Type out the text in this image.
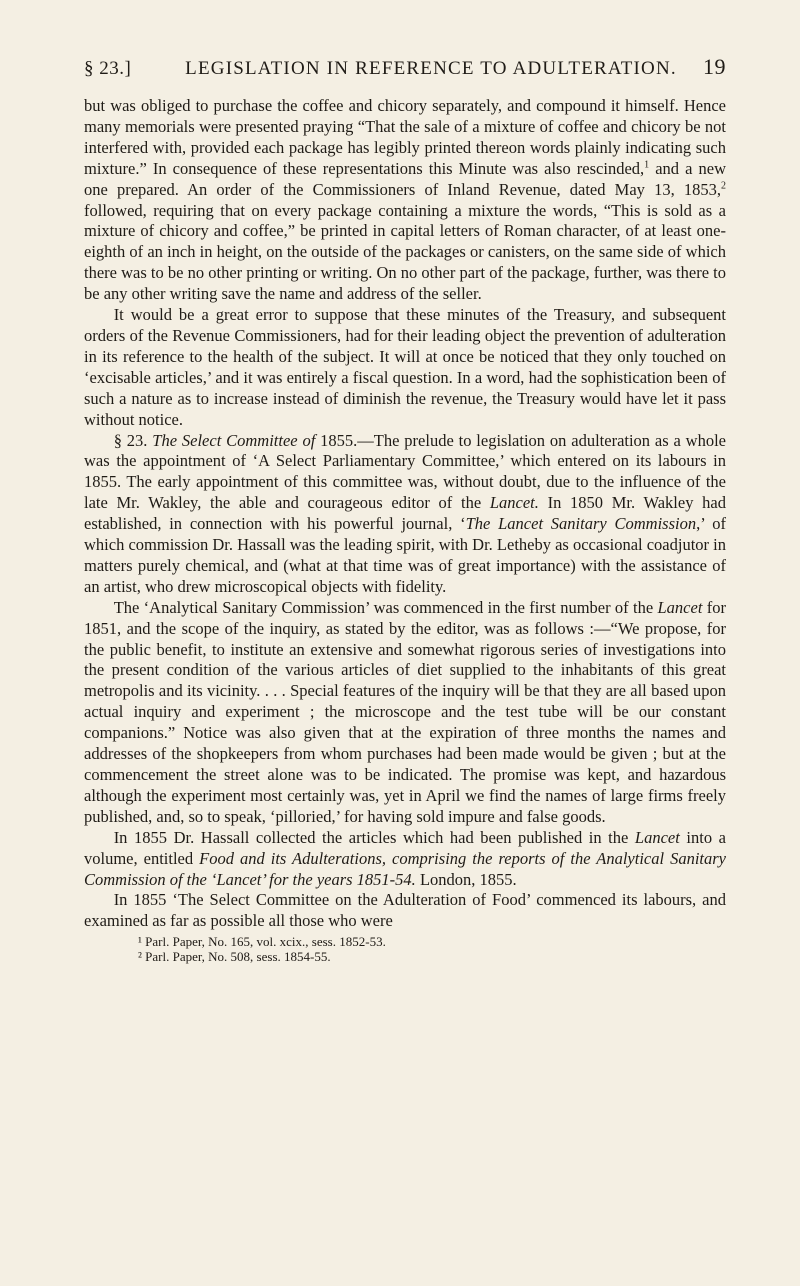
§ 23.]	LEGISLATION IN REFERENCE TO ADULTERATION.	19

but was obliged to purchase the coffee and chicory separately, and compound it himself. Hence many memorials were presented praying “That the sale of a mixture of coffee and chicory be not interfered with, provided each package has legibly printed thereon words plainly indicating such mixture.” In consequence of these representations this Minute was also rescinded,$^1$ and a new one prepared. An order of the Commissioners of Inland Revenue, dated May 13, 1853,$^2$ followed, requiring that on every package containing a mixture the words, “This is sold as a mixture of chicory and coffee,” be printed in capital letters of Roman character, of at least one-eighth of an inch in height, on the outside of the packages or canisters, on the same side of which there was to be no other printing or writing. On no other part of the package, further, was there to be any other writing save the name and address of the seller.

It would be a great error to suppose that these minutes of the Treasury, and subsequent orders of the Revenue Commissioners, had for their leading object the prevention of adulteration in its reference to the health of the subject. It will at once be noticed that they only touched on ‘excisable articles,’ and it was entirely a fiscal question. In a word, had the sophistication been of such a nature as to increase instead of diminish the revenue, the Treasury would have let it pass without notice.

§ 23. The Select Committee of 1855.—The prelude to legislation on adulteration as a whole was the appointment of ‘A Select Parliamentary Committee,’ which entered on its labours in 1855. The early appointment of this committee was, without doubt, due to the influence of the late Mr. Wakley, the able and courageous editor of the Lancet. In 1850 Mr. Wakley had established, in connection with his powerful journal, ‘The Lancet Sanitary Commission,’ of which commission Dr. Hassall was the leading spirit, with Dr. Letheby as occasional coadjutor in matters purely chemical, and (what at that time was of great importance) with the assistance of an artist, who drew microscopical objects with fidelity.

The ‘Analytical Sanitary Commission’ was commenced in the first number of the Lancet for 1851, and the scope of the inquiry, as stated by the editor, was as follows :—“We propose, for the public benefit, to institute an extensive and somewhat rigorous series of investigations into the present condition of the various articles of diet supplied to the inhabitants of this great metropolis and its vicinity. . . . Special features of the inquiry will be that they are all based upon actual inquiry and experiment ; the microscope and the test tube will be our constant companions.” Notice was also given that at the expiration of three months the names and addresses of the shopkeepers from whom purchases had been made would be given ; but at the commencement the street alone was to be indicated. The promise was kept, and hazardous although the experiment most certainly was, yet in April we find the names of large firms freely published, and, so to speak, ‘pilloried,’ for having sold impure and false goods.

In 1855 Dr. Hassall collected the articles which had been published in the Lancet into a volume, entitled Food and its Adulterations, comprising the reports of the Analytical Sanitary Commission of the ‘Lancet’ for the years 1851-54. London, 1855.

In 1855 ‘The Select Committee on the Adulteration of Food’ commenced its labours, and examined as far as possible all those who were

¹ Parl. Paper, No. 165, vol. xcix., sess. 1852-53.
² Parl. Paper, No. 508, sess. 1854-55.
